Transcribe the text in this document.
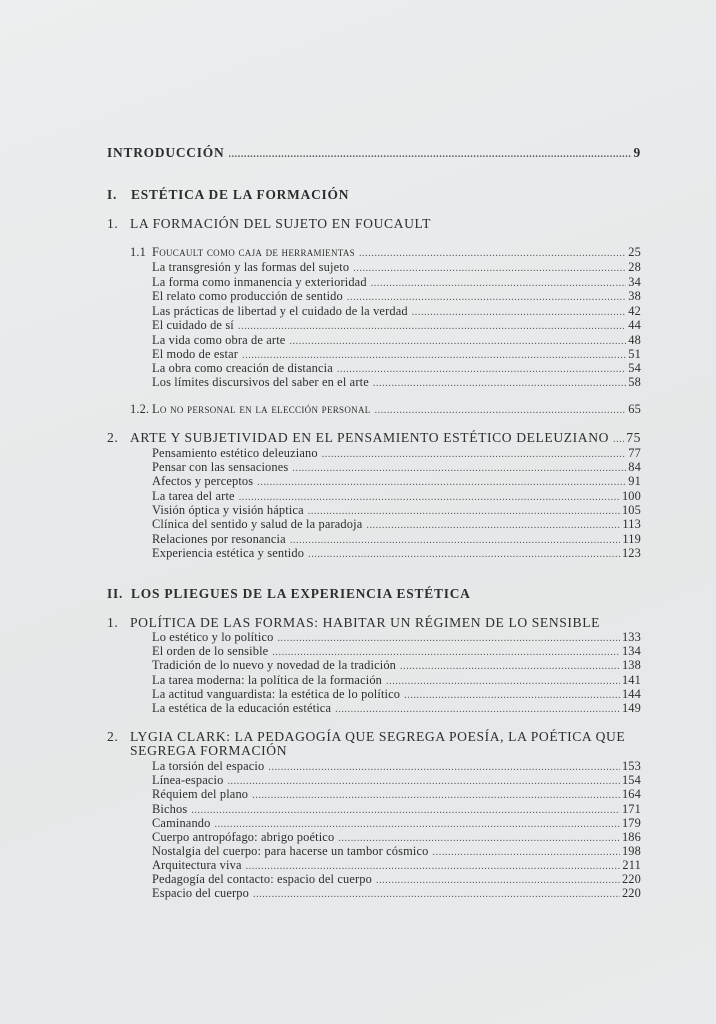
INTRODUCCIÓN .....	9
I. ESTÉTICA DE LA FORMACIÓN
1. LA FORMACIÓN DEL SUJETO EN FOUCAULT
1.1 Foucault como caja de herramientas .....	25
La transgresión y las formas del sujeto .....	28
La forma como inmanencia y exterioridad .....	34
El relato como producción de sentido .....	38
Las prácticas de libertad y el cuidado de la verdad .....	42
El cuidado de sí .....	44
La vida como obra de arte .....	48
El modo de estar .....	51
La obra como creación de distancia .....	54
Los límites discursivos del saber en el arte .....	58
1.2. Lo no personal en la elección personal .....	65
2. ARTE Y SUBJETIVIDAD EN EL PENSAMIENTO ESTÉTICO DELEUZIANO ..... 75
Pensamiento estético deleuziano .....	77
Pensar con las sensaciones .....	84
Afectos y perceptos .....	91
La tarea del arte .....	100
Visión óptica y visión háptica .....	105
Clínica del sentido y salud de la paradoja .....	113
Relaciones por resonancia .....	119
Experiencia estética y sentido .....	123
II. LOS PLIEGUES DE LA EXPERIENCIA ESTÉTICA
1. POLÍTICA DE LAS FORMAS: HABITAR UN RÉGIMEN DE LO SENSIBLE
Lo estético y lo político .....	133
El orden de lo sensible .....	134
Tradición de lo nuevo y novedad de la tradición .....	138
La tarea moderna: la política de la formación .....	141
La actitud vanguardista: la estética de lo político .....	144
La estética de la educación estética .....	149
2. LYGIA CLARK: LA PEDAGOGÍA QUE SEGREGA POESÍA, LA POÉTICA QUE
SEGREGA FORMACIÓN
La torsión del espacio .....	153
Línea-espacio .....	154
Réquiem del plano .....	164
Bichos .....	171
Caminando .....	179
Cuerpo antropófago: abrigo poético .....	186
Nostalgia del cuerpo: para hacerse un tambor cósmico .....	198
Arquitectura viva .....	211
Pedagogía del contacto: espacio del cuerpo .....	220
Espacio del cuerpo .....	220
